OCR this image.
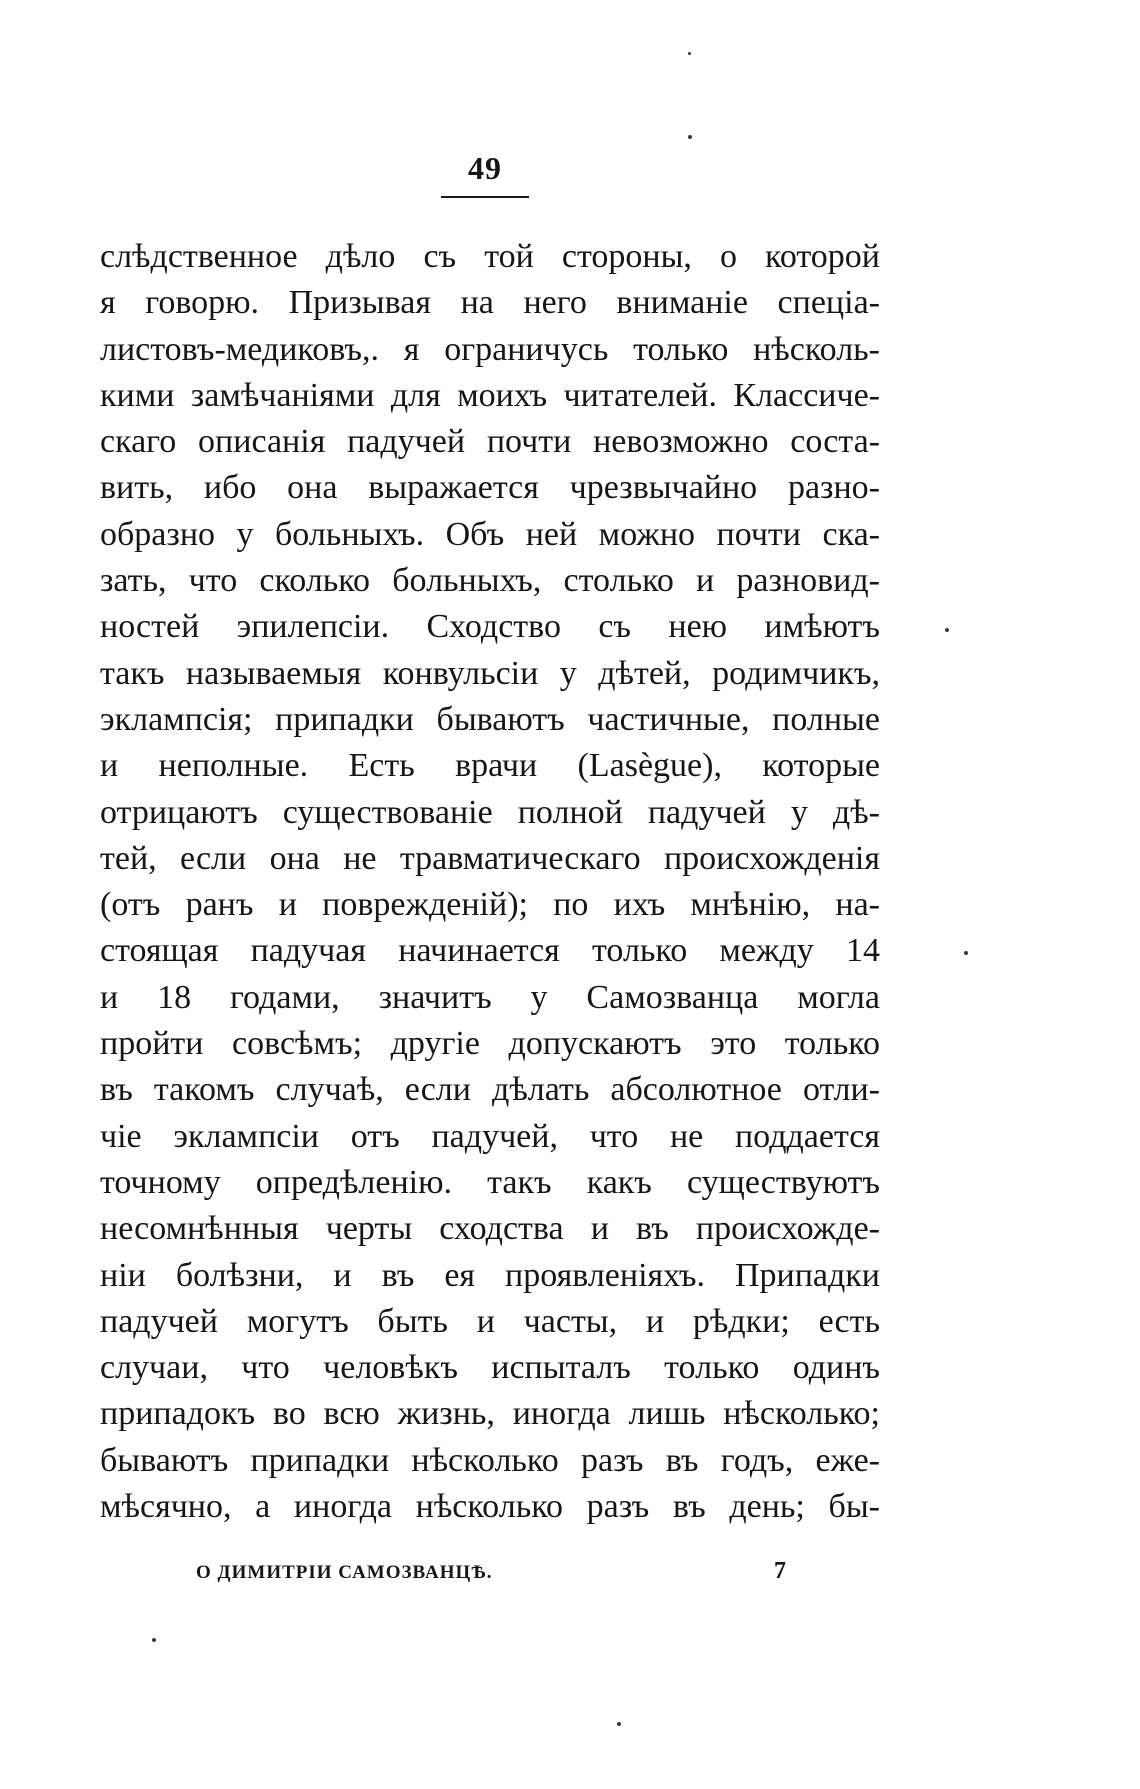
49
слѣдственное дѣло съ той стороны, о которой
я говорю. Призывая на него вниманіе спеціа-
листовъ-медиковъ,. я ограничусь только нѣсколь-
кими замѣчаніями для моихъ читателей. Классиче-
скаго описанія падучей почти невозможно соста-
вить, ибо она выражается чрезвычайно разно-
образно у больныхъ. Объ ней можно почти ска-
зать, что сколько больныхъ, столько и разновид-
ностей эпилепсіи. Сходство съ нею имѣютъ
такъ называемыя конвульсіи у дѣтей, родимчикъ,
эклампсія; припадки бываютъ частичные, полные
и неполные. Есть врачи (Lasègue), которые
отрицаютъ существованіе полной падучей у дѣ-
тей, если она не травматическаго происхожденія
(отъ ранъ и поврежденій); по ихъ мнѣнію, на-
стоящая падучая начинается только между 14
и 18 годами, значитъ у Самозванца могла
пройти совсѣмъ; другіе допускаютъ это только
въ такомъ случаѣ, если дѣлать абсолютное отли-
чіе эклампсіи отъ падучей, что не поддается
точному опредѣленію. такъ какъ существуютъ
несомнѣнныя черты сходства и въ происхожде-
ніи болѣзни, и въ ея проявленіяхъ. Припадки
падучей могутъ быть и часты, и рѣдки; есть
случаи, что человѣкъ испыталъ только одинъ
припадокъ во всю жизнь, иногда лишь нѣсколько;
бываютъ припадки нѣсколько разъ въ годъ, еже-
мѣсячно, а иногда нѣсколько разъ въ день; бы-
О ДИМИТРІИ САМОЗВАНЦѢ.	7
